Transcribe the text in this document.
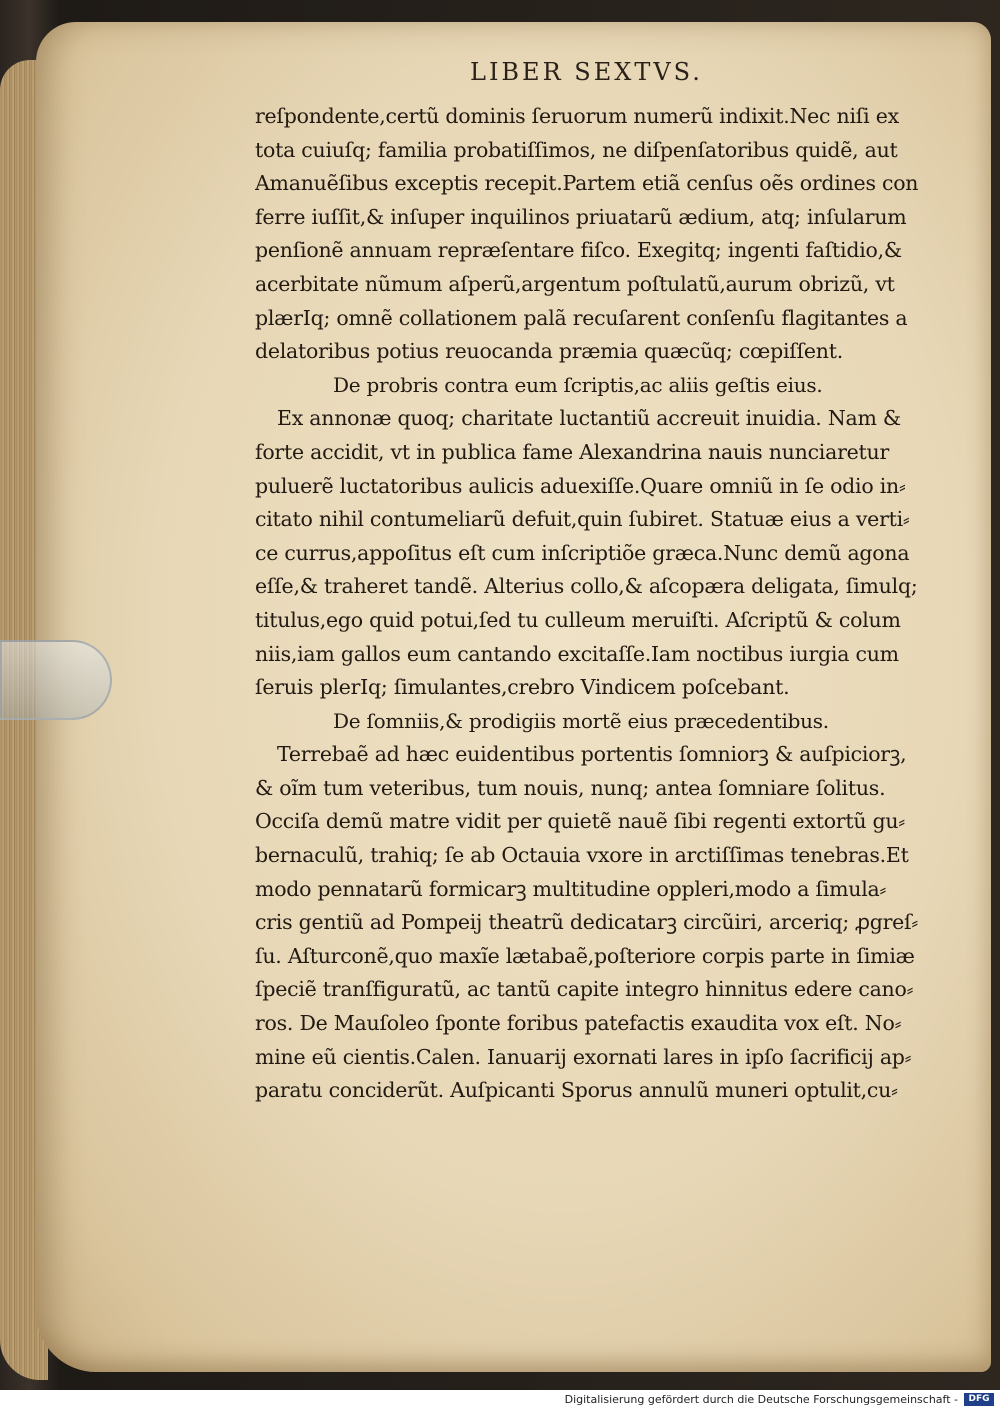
LIBER SEXTVS.
reſpondente,certũ dominis ſeruorum numerũ indixit.Nec niſi ex
tota cuiuſq; familia probatiſſimos, ne diſpenſatoribus quidẽ, aut
Amanuẽſibus exceptis recepit.Partem etiã cenſus oẽs ordines con
ferre iuſſit,& inſuper inquilinos priuatarũ ædium, atq; inſularum
penſionẽ annuam repræſentare fiſco. Exegitq; ingenti faſtidio,&
acerbitate nũmum aſperũ,argentum poſtulatũ,aurum obrizũ, vt
plærIq; omnẽ collationem palã recuſarent conſenſu flagitantes a
delatoribus potius reuocanda præmia quæcũq; cœpiſſent.
De probris contra eum ſcriptis,ac aliis geſtis eius.
Ex annonæ quoq; charitate luctantiũ accreuit inuidia. Nam &
forte accidit, vt in publica fame Alexandrina nauis nunciaretur
puluerẽ luctatoribus aulicis aduexiſſe.Quare omniũ in ſe odio in⸗
citato nihil contumeliarũ defuit,quin ſubiret. Statuæ eius a verti⸗
ce currus,appoſitus eſt cum inſcriptiõe græca.Nunc demũ agona
eſſe,& traheret tandẽ. Alterius collo,& aſcopæra deligata, ſimulq;
titulus,ego quid potui,ſed tu culleum meruiſti. Aſcriptũ & colum
niis,iam gallos eum cantando excitaſſe.Iam noctibus iurgia cum
ſeruis plerIq; ſimulantes,crebro Vindicem poſcebant.
De ſomniis,& prodigiis mortẽ eius præcedentibus.
Terrebaẽ ad hæc euidentibus portentis ſomniorꝫ & auſpiciorꝫ,
& oĩm tum veteribus, tum nouis, nunq; antea ſomniare ſolitus.
Occiſa demũ matre vidit per quietẽ nauẽ ſibi regenti extortũ gu⸗
bernaculũ, trahiq; ſe ab Octauia vxore in arctiſſimas tenebras.Et
modo pennatarũ formicarꝫ multitudine oppleri,modo a ſimula⸗
cris gentiũ ad Pompeij theatrũ dedicatarꝫ circũiri, arceriq; ꝓgreſ⸗
ſu. Aſturconẽ,quo maxĩe lætabaẽ,poſteriore corpis parte in ſimiæ
ſpeciẽ tranſfiguratũ, ac tantũ capite integro hinnitus edere cano⸗
ros. De Mauſoleo ſponte foribus patefactis exaudita vox eſt. No⸗
mine eũ cientis.Calen. Ianuarij exornati lares in ipſo ſacrificij ap⸗
paratu conciderũt. Auſpicanti Sporus annulũ muneri optulit,cu⸗
Digitalisierung gefördert durch die Deutsche Forschungsgemeinschaft -	DFG
